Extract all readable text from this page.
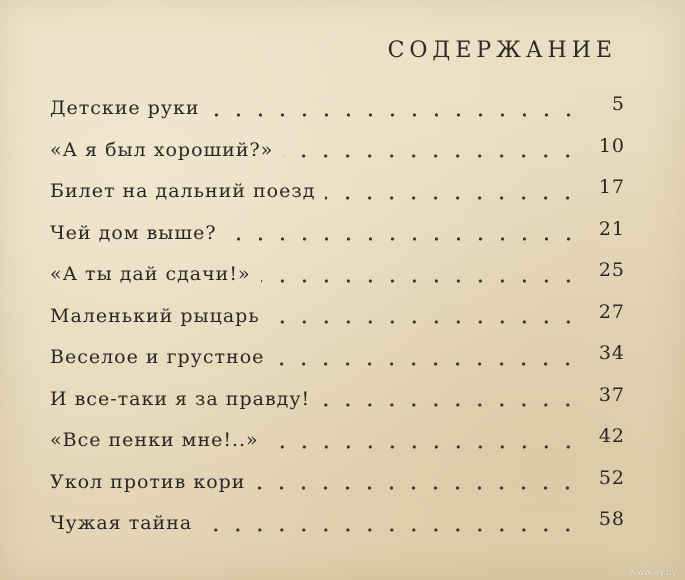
СОДЕРЖАНИЕ
Детские руки	5
«А я был хороший?»	10
Билет на дальний поезд	17
Чей дом выше?	21
«А ты дай сдачи!»	25
Маленький рыцарь	27
Веселое и грустное	34
И все-таки я за правду!	37
«Все пенки мне!..»	42
Укол против кори	52
Чужая тайна	58
www.ay.by
